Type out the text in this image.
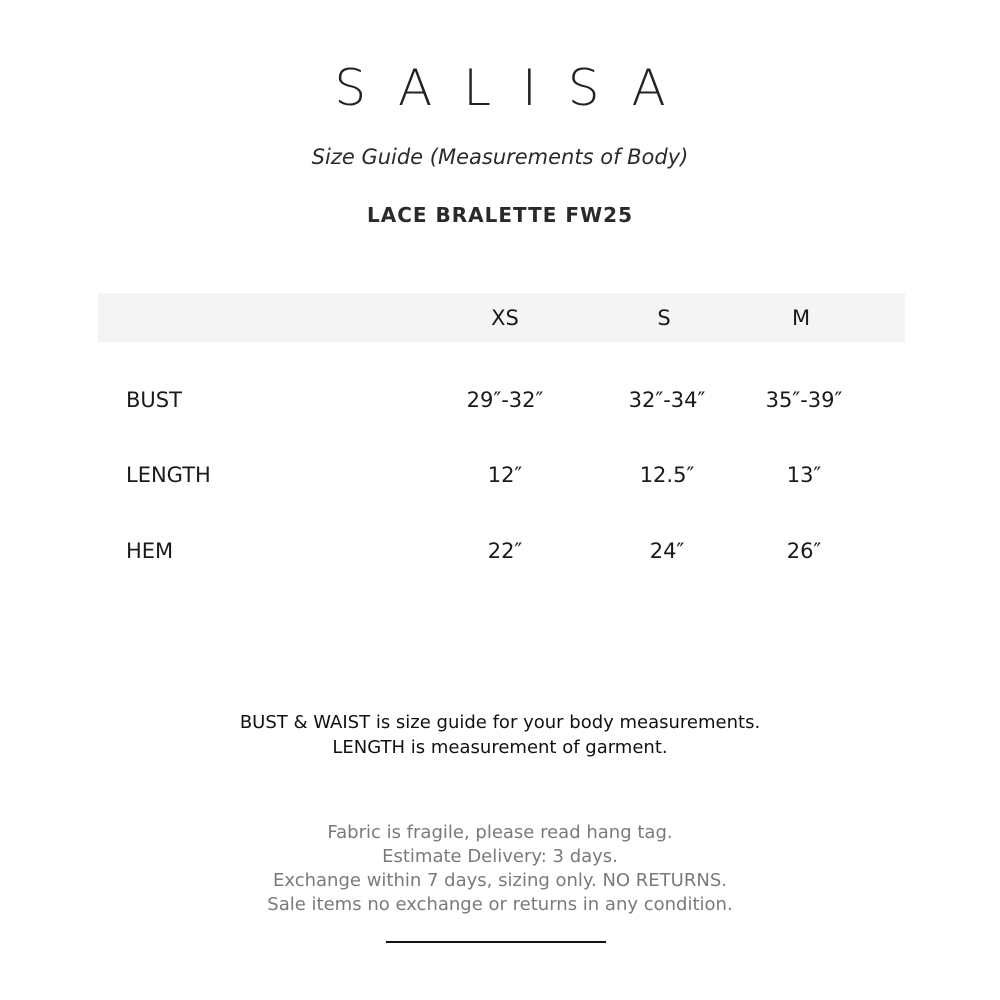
SALISA
Size Guide (Measurements of Body)
LACE BRALETTE FW25
XS	S	M
BUST	29″-32″	32″-34″	35″-39″
LENGTH	12″	12.5″	13″
HEM	22″	24″	26″
BUST & WAIST is size guide for your body measurements.
LENGTH is measurement of garment.
Fabric is fragile, please read hang tag.
Estimate Delivery: 3 days.
Exchange within 7 days, sizing only. NO RETURNS.
Sale items no exchange or returns in any condition.
